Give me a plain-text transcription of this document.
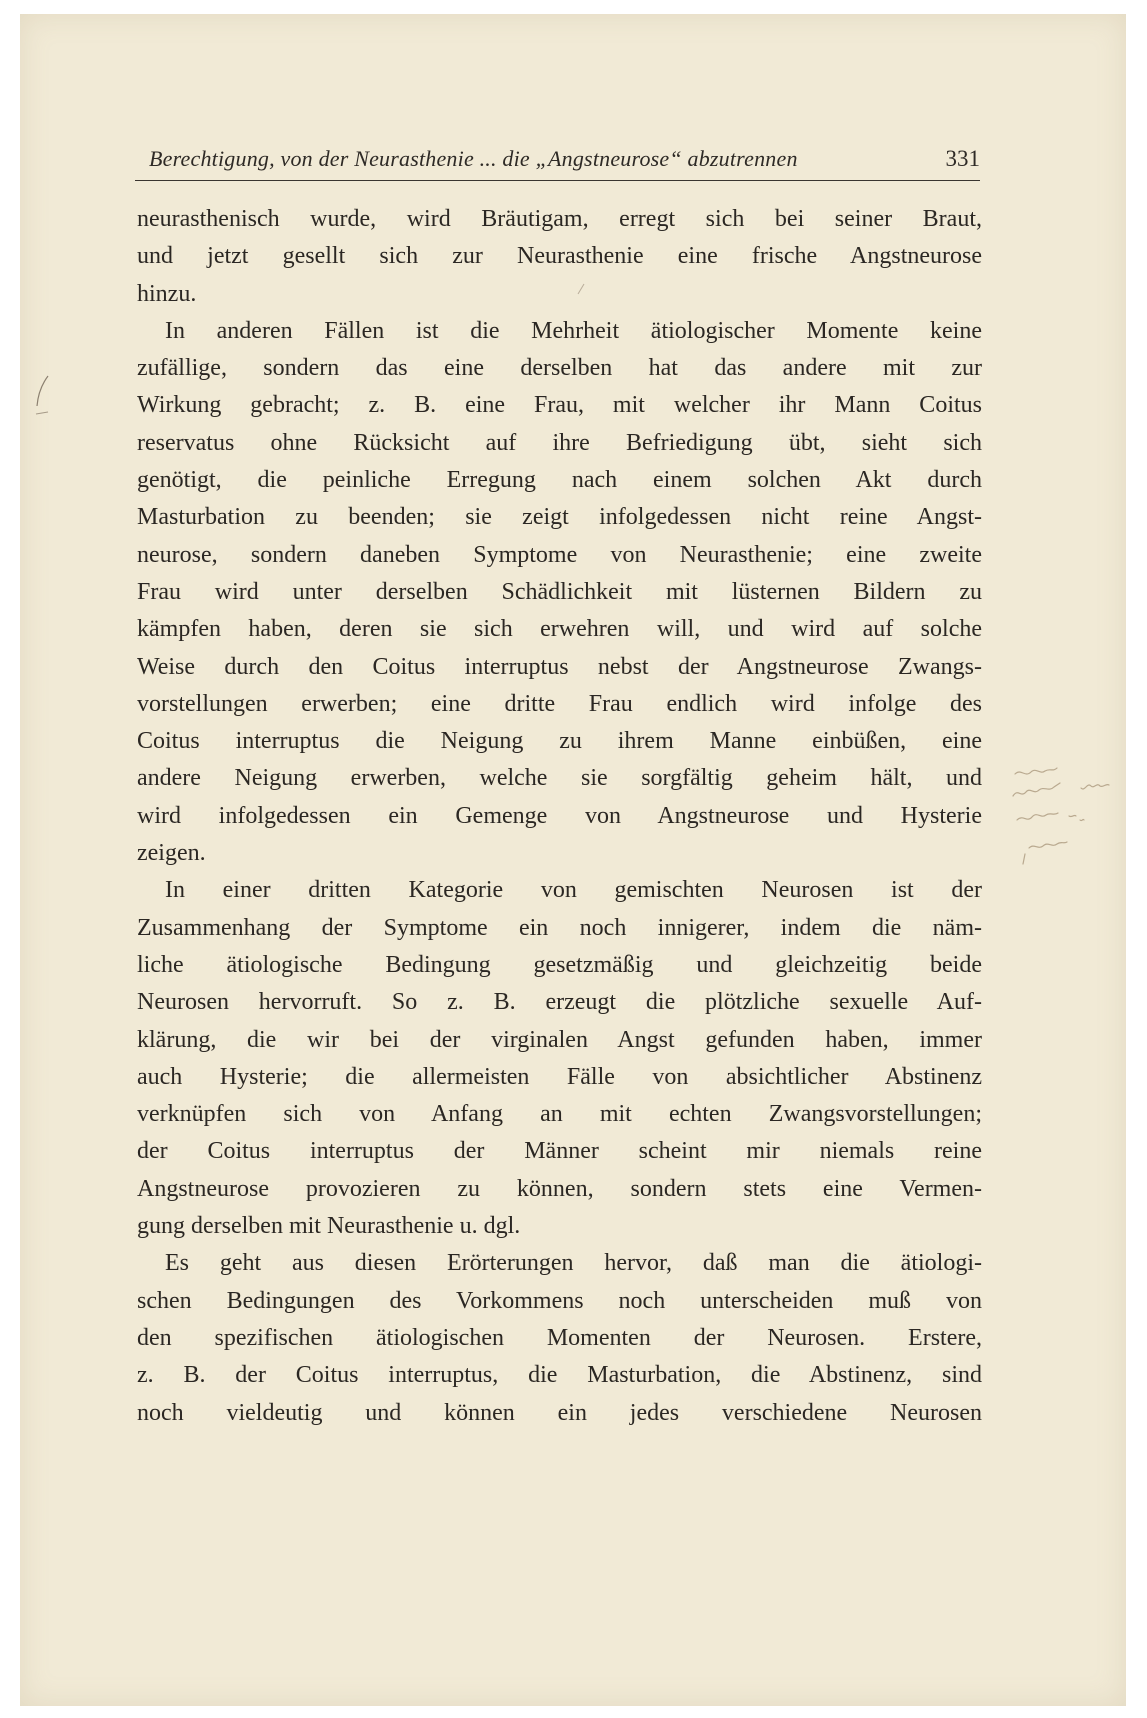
Berechtigung, von der Neurasthenie ... die „Angstneurose“ abzutrennen	331
neurasthenisch wurde, wird Bräutigam, erregt sich bei seiner Braut,
und jetzt gesellt sich zur Neurasthenie eine frische Angstneurose
hinzu.
In anderen Fällen ist die Mehrheit ätiologischer Momente keine
zufällige, sondern das eine derselben hat das andere mit zur
Wirkung gebracht; z. B. eine Frau, mit welcher ihr Mann Coitus
reservatus ohne Rücksicht auf ihre Befriedigung übt, sieht sich
genötigt, die peinliche Erregung nach einem solchen Akt durch
Masturbation zu beenden; sie zeigt infolgedessen nicht reine Angst-
neurose, sondern daneben Symptome von Neurasthenie; eine zweite
Frau wird unter derselben Schädlichkeit mit lüsternen Bildern zu
kämpfen haben, deren sie sich erwehren will, und wird auf solche
Weise durch den Coitus interruptus nebst der Angstneurose Zwangs-
vorstellungen erwerben; eine dritte Frau endlich wird infolge des
Coitus interruptus die Neigung zu ihrem Manne einbüßen, eine
andere Neigung erwerben, welche sie sorgfältig geheim hält, und
wird infolgedessen ein Gemenge von Angstneurose und Hysterie
zeigen.
In einer dritten Kategorie von gemischten Neurosen ist der
Zusammenhang der Symptome ein noch innigerer, indem die näm-
liche ätiologische Bedingung gesetzmäßig und gleichzeitig beide
Neurosen hervorruft. So z. B. erzeugt die plötzliche sexuelle Auf-
klärung, die wir bei der virginalen Angst gefunden haben, immer
auch Hysterie; die allermeisten Fälle von absichtlicher Abstinenz
verknüpfen sich von Anfang an mit echten Zwangsvorstellungen;
der Coitus interruptus der Männer scheint mir niemals reine
Angstneurose provozieren zu können, sondern stets eine Vermen-
gung derselben mit Neurasthenie u. dgl.
Es geht aus diesen Erörterungen hervor, daß man die ätiologi-
schen Bedingungen des Vorkommens noch unterscheiden muß von
den spezifischen ätiologischen Momenten der Neurosen. Erstere,
z. B. der Coitus interruptus, die Masturbation, die Abstinenz, sind
noch vieldeutig und können ein jedes verschiedene Neurosen
